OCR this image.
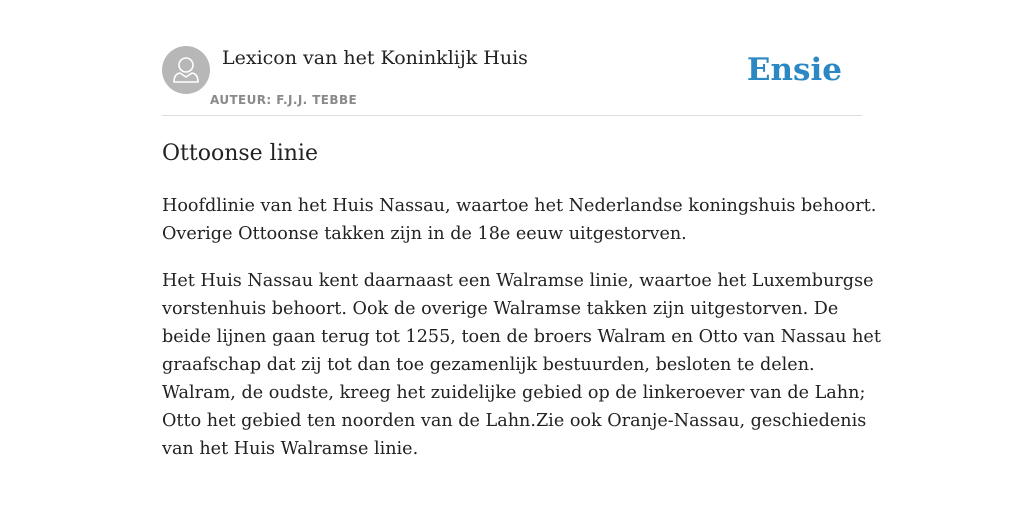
Lexicon van het Koninklijk Huis
AUTEUR: F.J.J. TEBBE
Ensie
Ottoonse linie

Hoofdlinie van het Huis Nassau, waartoe het Nederlandse koningshuis behoort. Overige Ottoonse takken zijn in de 18e eeuw uitgestorven.

Het Huis Nassau kent daarnaast een Walramse linie, waartoe het Luxemburgse vorstenhuis behoort. Ook de overige Walramse takken zijn uitgestorven. De beide lijnen gaan terug tot 1255, toen de broers Walram en Otto van Nassau het graafschap dat zij tot dan toe gezamenlijk bestuurden, besloten te delen. Walram, de oudste, kreeg het zuidelijke gebied op de linkeroever van de Lahn; Otto het gebied ten noorden van de Lahn.Zie ook Oranje-Nassau, geschiedenis van het Huis Walramse linie.
